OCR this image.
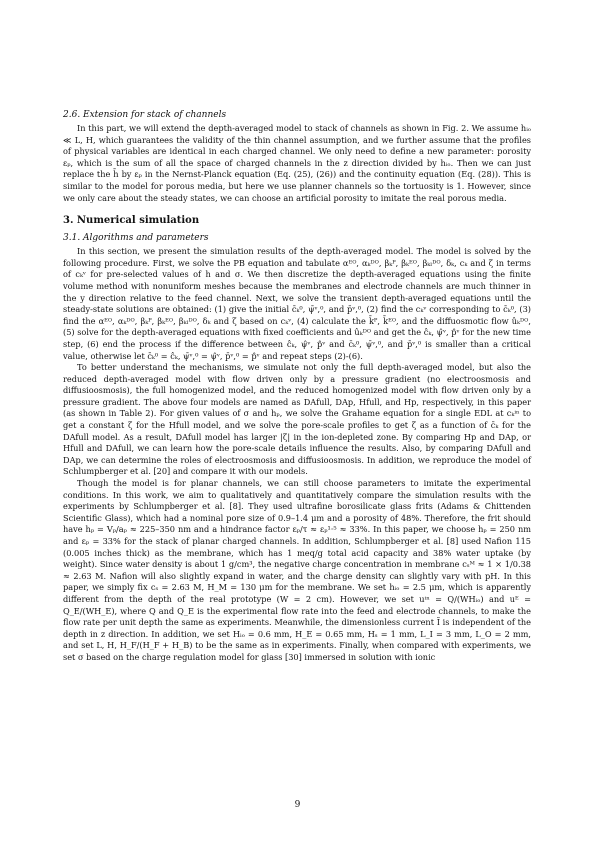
2.6. Extension for stack of channels

In this part, we will extend the depth-averaged model to stack of channels as shown in Fig. 2. We assume hᵢₒ ≪ L, H, which guarantees the validity of the thin channel assumption, and we further assume that the profiles of physical variables are identical in each charged channel. We only need to define a new parameter: porosity εₚ, which is the sum of all the space of charged channels in the z direction divided by hᵢₒ. Then we can just replace the h̄ by εₚ in the Nernst-Planck equation (Eq. (25), (26)) and the continuity equation (Eq. (28)). This is similar to the model for porous media, but here we use planner channels so the tortuosity is 1. However, since we only care about the steady states, we can choose an artificial porosity to imitate the real porous media.

3. Numerical simulation

3.1. Algorithms and parameters

In this section, we present the simulation results of the depth-averaged model. The model is solved by the following procedure. First, we solve the PB equation and tabulate αᴱᴼ, αₖᴰᴼ, βₖᴾ, βₖᴱᴼ, βₖₗᴰᴼ, δₖ, cₖ and ζ in terms of cₖᵛ for pre-selected values of h and σ. We then discretize the depth-averaged equations using the finite volume method with nonuniform meshes because the membranes and electrode channels are much thinner in the y direction relative to the feed channel. Next, we solve the transient depth-averaged equations until the steady-state solutions are obtained: (1) give the initial c̄ₖ⁰, ψ̄ᵛ,⁰, and p̄ᵛ,⁰, (2) find the cₖᵛ corresponding to c̄ₖ⁰, (3) find the αᴱᴼ, αₖᴰᴼ, βₖᴾ, βₖᴱᴼ, βₖₗᴰᴼ, δₖ and ζ based on cₖᵛ, (4) calculate the k̄ᴾ, k̄ᴱᴼ, and the diffuosmotic flow ûₖᴰᴼ, (5) solve for the depth-averaged equations with fixed coefficients and ûₖᴰᴼ and get the ĉₖ, ψ̂ᵛ, p̂ᵛ for the new time step, (6) end the process if the difference between ĉₖ, ψ̂ᵛ, p̂ᵛ and c̄ₖ⁰, ψ̄ᵛ,⁰, and p̄ᵛ,⁰ is smaller than a critical value, otherwise let c̄ₖ⁰ = ĉₖ, ψ̄ᵛ,⁰ = ψ̂ᵛ, p̄ᵛ,⁰ = p̂ᵛ and repeat steps (2)-(6).

To better understand the mechanisms, we simulate not only the full depth-averaged model, but also the reduced depth-averaged model with flow driven only by a pressure gradient (no electroosmosis and diffusioosmosis), the full homogenized model, and the reduced homogenized model with flow driven only by a pressure gradient. The above four models are named as DAfull, DAp, Hfull, and Hp, respectively, in this paper (as shown in Table 2). For given values of σ and hₚ, we solve the Grahame equation for a single EDL at cₖⁱⁿ to get a constant ζ for the Hfull model, and we solve the pore-scale profiles to get ζ as a function of c̄ₖ for the DAfull model. As a result, DAfull model has larger |ζ| in the ion-depleted zone. By comparing Hp and DAp, or Hfull and DAfull, we can learn how the pore-scale details influence the results. Also, by comparing DAfull and DAp, we can determine the roles of electroosmosis and diffusioosmosis. In addition, we reproduce the model of Schlumpberger et al. [20] and compare it with our models.

Though the model is for planar channels, we can still choose parameters to imitate the experimental conditions. In this work, we aim to qualitatively and quantitatively compare the simulation results with the experiments by Schlumpberger et al. [8]. They used ultrafine borosilicate glass frits (Adams & Chittenden Scientific Glass), which had a nominal pore size of 0.9–1.4 μm and a porosity of 48%. Therefore, the frit should have hₚ = Vₚ/aₚ ≈ 225–350 nm and a hindrance factor εₚ/τ ≈ εₚ¹·⁵ ≈ 33%. In this paper, we choose hₚ = 250 nm and εₚ = 33% for the stack of planar charged channels. In addition, Schlumpberger et al. [8] used Nafion 115 (0.005 inches thick) as the membrane, which has 1 meq/g total acid capacity and 38% water uptake (by weight). Since water density is about 1 g/cm³, the negative charge concentration in membrane cₛᴹ ≈ 1 × 1/0.38 ≈ 2.63 M. Nafion will also slightly expand in water, and the charge density can slightly vary with pH. In this paper, we simply fix cₛ = 2.63 M, H_M = 130 μm for the membrane. We set hᵢₒ = 2.5 μm, which is apparently different from the depth of the real prototype (W = 2 cm). However, we set uⁱⁿ = Q/(WHᵢₒ) and uᴱ = Q_E/(WH_E), where Q and Q_E is the experimental flow rate into the feed and electrode channels, to make the flow rate per unit depth the same as experiments. Meanwhile, the dimensionless current Ĩ is independent of the depth in z direction. In addition, we set Hᵢₒ = 0.6 mm, H_E = 0.65 mm, Hₛ = 1 mm, L_I = 3 mm, L_O = 2 mm, and set L, H, H_F/(H_F + H_B) to be the same as in experiments. Finally, when compared with experiments, we set σ based on the charge regulation model for glass [30] immersed in solution with ionic

9
